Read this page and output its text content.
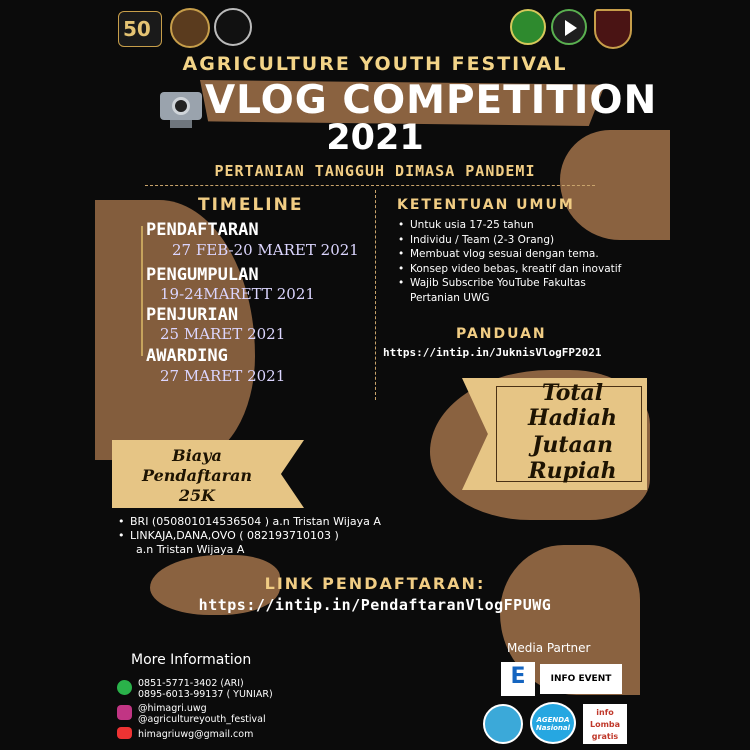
50
AGRICULTURE YOUTH FESTIVAL
VLOG COMPETITION
2021
PERTANIAN TANGGUH DIMASA PANDEMI
TIMELINE
PENDAFTARAN
27 FEB-20 MARET 2021
PENGUMPULAN
19-24MARETT 2021
PENJURIAN
25 MARET 2021
AWARDING
27 MARET 2021
KETENTUAN UMUM
• Untuk usia 17-25 tahun
• Individu / Team (2-3 Orang)
• Membuat vlog sesuai dengan tema.
• Konsep video bebas, kreatif dan inovatif
• Wajib Subscribe YouTube Fakultas Pertanian UWG
PANDUAN
https://intip.in/JuknisVlogFP2021
Total
Hadiah
Jutaan
Rupiah
Biaya
Pendaftaran
25K
• BRI (050801014536504 ) a.n Tristan Wijaya A
• LINKAJA,DANA,OVO ( 082193710103 )
a.n Tristan Wijaya A
LINK PENDAFTARAN:
https://intip.in/PendaftaranVlogFPUWG
More Information
0851-5771-3402 (ARI)
0895-6013-99137 ( YUNIAR)
@himagri.uwg
@agricultureyouth_festival
himagriuwg@gmail.com
Media Partner
E	INFO EVENT
AGENDA Nasional
info Lomba gratis
